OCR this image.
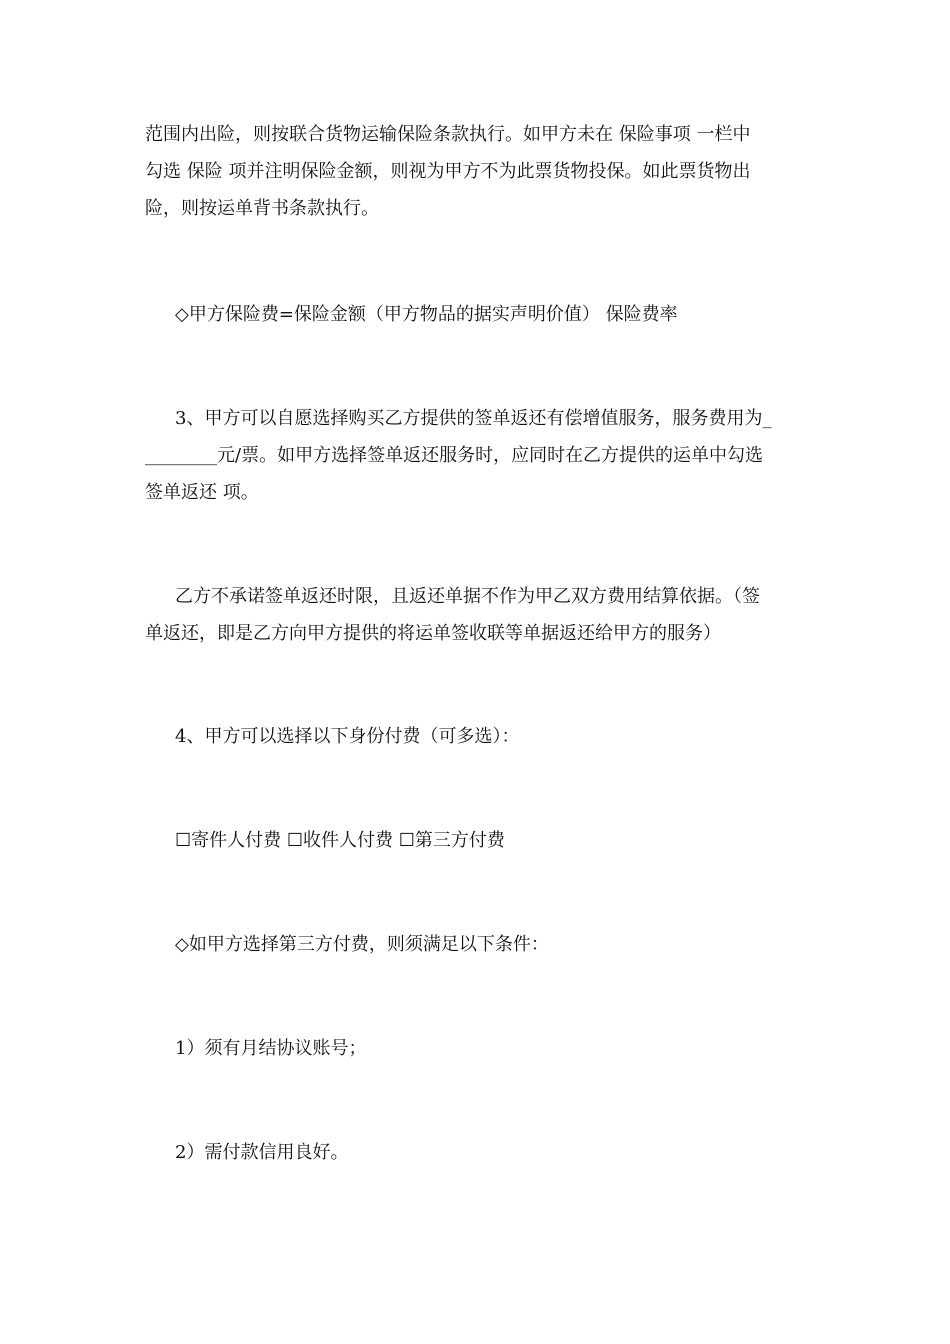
范围内出险，则按联合货物运输保险条款执行。如甲方未在 保险事项 一栏中
勾选 保险 项并注明保险金额，则视为甲方不为此票货物投保。如此票货物出
险，则按运单背书条款执行。
◇甲方保险费=保险金额（甲方物品的据实声明价值） 保险费率
3、甲方可以自愿选择购买乙方提供的签单返还有偿增值服务，服务费用为_
________元/票。如甲方选择签单返还服务时，应同时在乙方提供的运单中勾选
签单返还 项。
乙方不承诺签单返还时限，且返还单据不作为甲乙双方费用结算依据。（签
单返还，即是乙方向甲方提供的将运单签收联等单据返还给甲方的服务）
4、甲方可以选择以下身份付费（可多选）：
☐寄件人付费 ☐收件人付费 ☐第三方付费
◇如甲方选择第三方付费，则须满足以下条件：
1）须有月结协议账号；
2）需付款信用良好。
